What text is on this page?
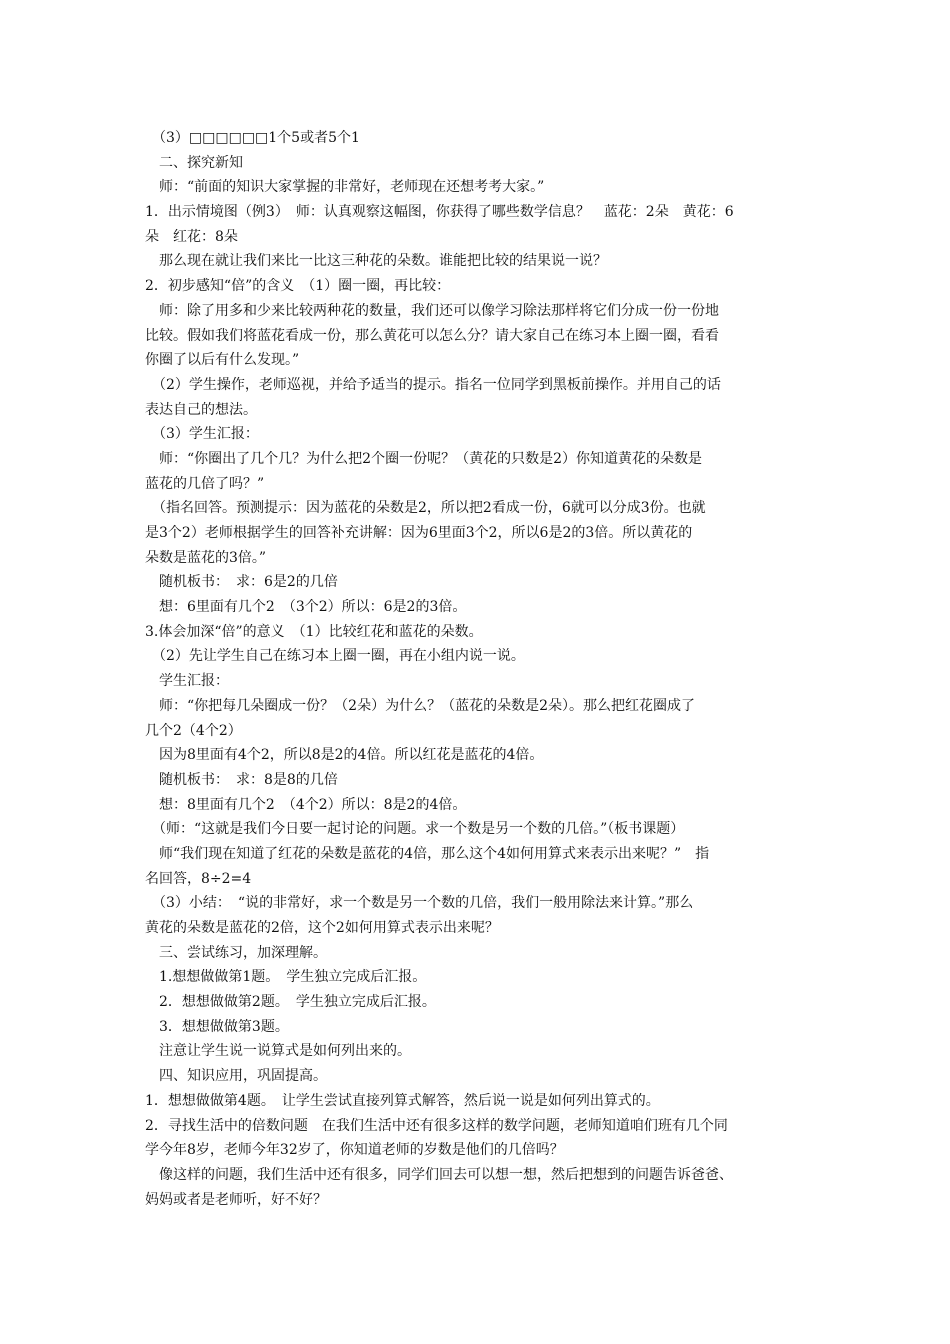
　（3）□□□□□□1个5或者5个1
　二、探究新知
　师：“前面的知识大家掌握的非常好，老师现在还想考考大家。”
1．出示情境图（例3）　师：认真观察这幅图，你获得了哪些数学信息？　蓝花：2朵　黄花：6
朵　红花：8朵
　那么现在就让我们来比一比这三种花的朵数。谁能把比较的结果说一说？
2．初步感知“倍”的含义　（1）圈一圈，再比较：
　师：除了用多和少来比较两种花的数量，我们还可以像学习除法那样将它们分成一份一份地
比较。假如我们将蓝花看成一份，那么黄花可以怎么分？请大家自己在练习本上圈一圈，看看
你圈了以后有什么发现。”
　（2）学生操作，老师巡视，并给予适当的提示。指名一位同学到黑板前操作。并用自己的话
表达自己的想法。
　（3）学生汇报：
　师：“你圈出了几个几？为什么把2个圈一份呢？（黄花的只数是2）你知道黄花的朵数是
蓝花的几倍了吗？”
　（指名回答。预测提示：因为蓝花的朵数是2，所以把2看成一份，6就可以分成3份。也就
是3个2）老师根据学生的回答补充讲解：因为6里面3个2，所以6是2的3倍。所以黄花的
朵数是蓝花的3倍。”
　随机板书：　求：6是2的几倍
　想：6里面有几个2　（3个2）所以：6是2的3倍。
3.体会加深“倍”的意义　（1）比较红花和蓝花的朵数。
　（2）先让学生自己在练习本上圈一圈，再在小组内说一说。
　学生汇报：
　师：“你把每几朵圈成一份？（2朵）为什么？（蓝花的朵数是2朵）。那么把红花圈成了
几个2（4个2）
　因为8里面有4个2，所以8是2的4倍。所以红花是蓝花的4倍。
　随机板书：　求：8是8的几倍
　想：8里面有几个2　（4个2）所以：8是2的4倍。
　（师：“这就是我们今日要一起讨论的问题。求一个数是另一个数的几倍。”（板书课题）
　师“我们现在知道了红花的朵数是蓝花的4倍，那么这个4如何用算式来表示出来呢？”　指
名回答，8÷2=4
　（3）小结：　“说的非常好，求一个数是另一个数的几倍，我们一般用除法来计算。”那么
黄花的朵数是蓝花的2倍，这个2如何用算式表示出来呢？
　三、尝试练习，加深理解。
　1.想想做做第1题。　学生独立完成后汇报。
　2．想想做做第2题。　学生独立完成后汇报。
　3．想想做做第3题。
　注意让学生说一说算式是如何列出来的。
　四、知识应用，巩固提高。
1．想想做做第4题。　让学生尝试直接列算式解答，然后说一说是如何列出算式的。
2．寻找生活中的倍数问题　在我们生活中还有很多这样的数学问题，老师知道咱们班有几个同
学今年8岁，老师今年32岁了，你知道老师的岁数是他们的几倍吗？
　像这样的问题，我们生活中还有很多，同学们回去可以想一想，然后把想到的问题告诉爸爸、
妈妈或者是老师听，好不好？
